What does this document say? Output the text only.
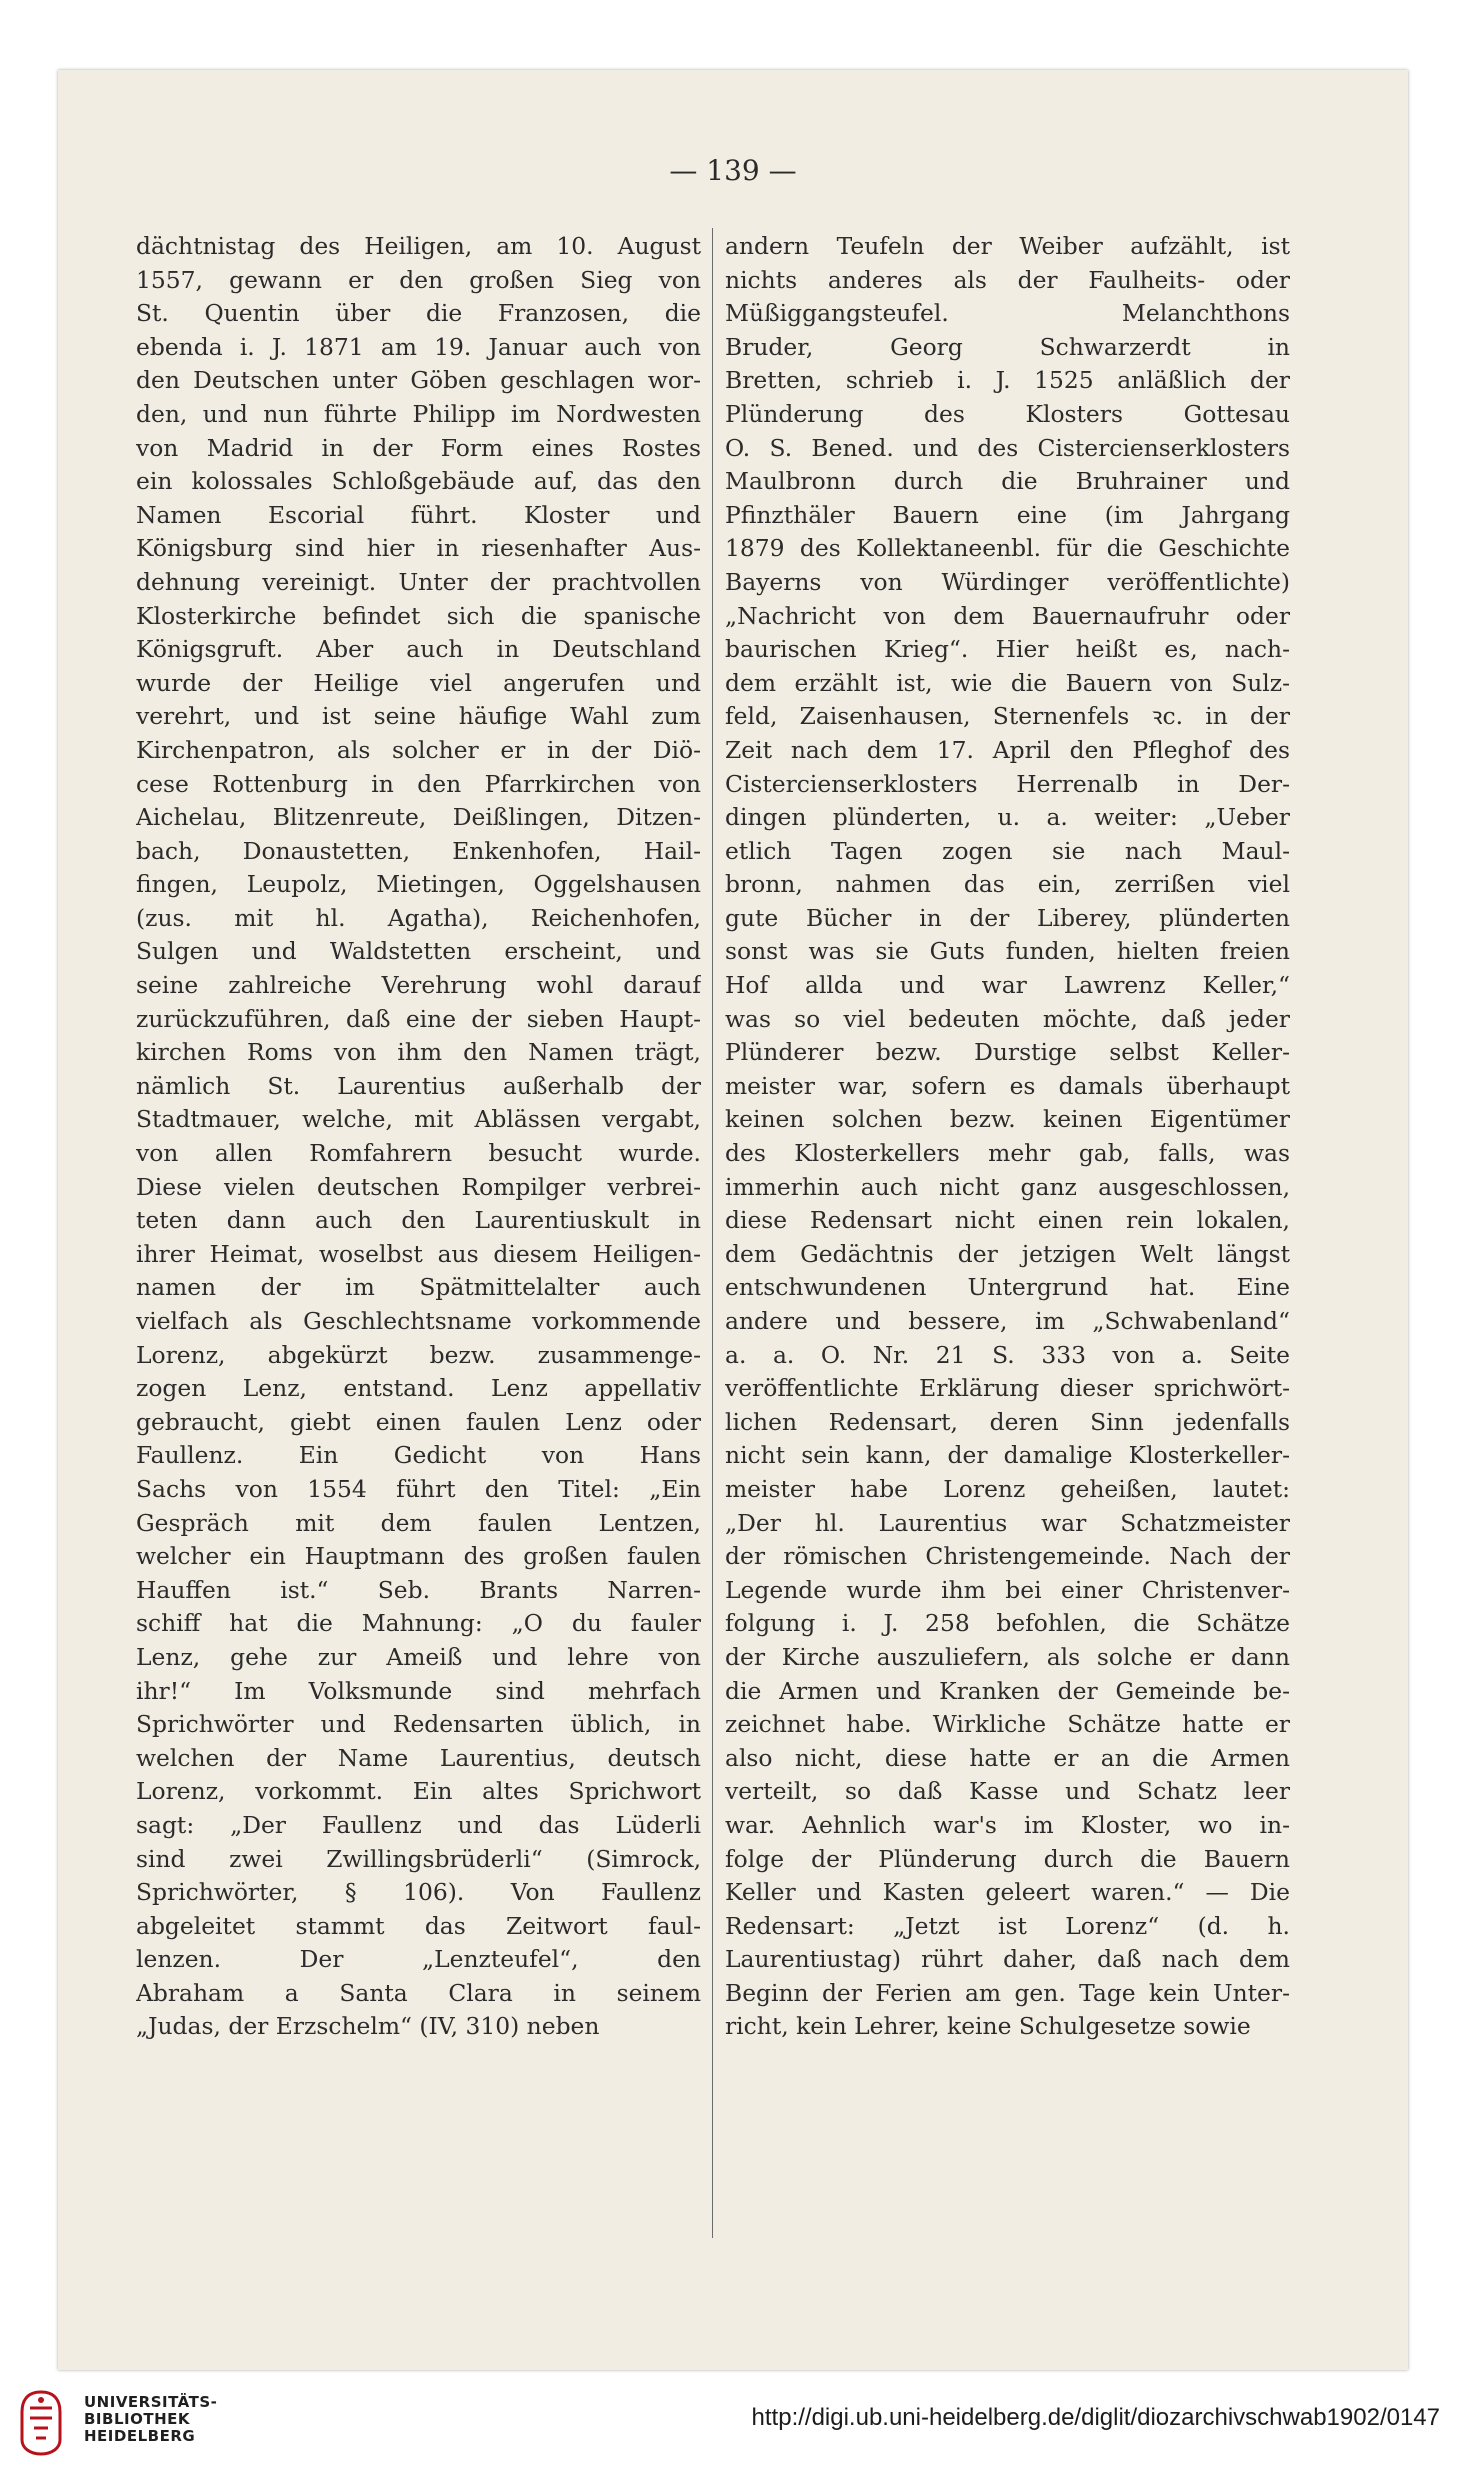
— 139 —
dächtnistag des Heiligen, am 10. August
1557, gewann er den großen Sieg von
St. Quentin über die Franzosen, die
ebenda i. J. 1871 am 19. Januar auch von
den Deutschen unter Göben geschlagen wor-
den, und nun führte Philipp im Nordwesten
von Madrid in der Form eines Rostes
ein kolossales Schloßgebäude auf, das den
Namen Escorial führt. Kloster und
Königsburg sind hier in riesenhafter Aus-
dehnung vereinigt. Unter der prachtvollen
Klosterkirche befindet sich die spanische
Königsgruft. Aber auch in Deutschland
wurde der Heilige viel angerufen und
verehrt, und ist seine häufige Wahl zum
Kirchenpatron, als solcher er in der Diö-
cese Rottenburg in den Pfarrkirchen von
Aichelau, Blitzenreute, Deißlingen, Ditzen-
bach, Donaustetten, Enkenhofen, Hail-
fingen, Leupolz, Mietingen, Oggelshausen
(zus. mit hl. Agatha), Reichenhofen,
Sulgen und Waldstetten erscheint, und
seine zahlreiche Verehrung wohl darauf
zurückzuführen, daß eine der sieben Haupt-
kirchen Roms von ihm den Namen trägt,
nämlich St. Laurentius außerhalb der
Stadtmauer, welche, mit Ablässen vergabt,
von allen Romfahrern besucht wurde.
Diese vielen deutschen Rompilger verbrei-
teten dann auch den Laurentiuskult in
ihrer Heimat, woselbst aus diesem Heiligen-
namen der im Spätmittelalter auch
vielfach als Geschlechtsname vorkommende
Lorenz, abgekürzt bezw. zusammenge-
zogen Lenz, entstand. Lenz appellativ
gebraucht, giebt einen faulen Lenz oder
Faullenz. Ein Gedicht von Hans
Sachs von 1554 führt den Titel: „Ein
Gespräch mit dem faulen Lentzen,
welcher ein Hauptmann des großen faulen
Hauffen ist.“ Seb. Brants Narren-
schiff hat die Mahnung: „O du fauler
Lenz, gehe zur Ameiß und lehre von
ihr!“ Im Volksmunde sind mehrfach
Sprichwörter und Redensarten üblich, in
welchen der Name Laurentius, deutsch
Lorenz, vorkommt. Ein altes Sprichwort
sagt: „Der Faullenz und das Lüderli
sind zwei Zwillingsbrüderli“ (Simrock,
Sprichwörter, § 106). Von Faullenz
abgeleitet stammt das Zeitwort faul-
lenzen. Der „Lenzteufel“, den
Abraham a Santa Clara in seinem
„Judas, der Erzschelm“ (IV, 310) neben
andern Teufeln der Weiber aufzählt, ist
nichts anderes als der Faulheits- oder
Müßiggangsteufel. Melanchthons
Bruder, Georg Schwarzerdt in
Bretten, schrieb i. J. 1525 anläßlich der
Plünderung des Klosters Gottesau
O. S. Bened. und des Cistercienserklosters
Maulbronn durch die Bruhrainer und
Pfinzthäler Bauern eine (im Jahrgang
1879 des Kollektaneenbl. für die Geschichte
Bayerns von Würdinger veröffentlichte)
„Nachricht von dem Bauernaufruhr oder
baurischen Krieg“. Hier heißt es, nach-
dem erzählt ist, wie die Bauern von Sulz-
feld, Zaisenhausen, Sternenfels ꝛc. in der
Zeit nach dem 17. April den Pfleghof des
Cistercienserklosters Herrenalb in Der-
dingen plünderten, u. a. weiter: „Ueber
etlich Tagen zogen sie nach Maul-
bronn, nahmen das ein, zerrißen viel
gute Bücher in der Liberey, plünderten
sonst was sie Guts funden, hielten freien
Hof allda und war Lawrenz Keller,“
was so viel bedeuten möchte, daß jeder
Plünderer bezw. Durstige selbst Keller-
meister war, sofern es damals überhaupt
keinen solchen bezw. keinen Eigentümer
des Klosterkellers mehr gab, falls, was
immerhin auch nicht ganz ausgeschlossen,
diese Redensart nicht einen rein lokalen,
dem Gedächtnis der jetzigen Welt längst
entschwundenen Untergrund hat. Eine
andere und bessere, im „Schwabenland“
a. a. O. Nr. 21 S. 333 von a. Seite
veröffentlichte Erklärung dieser sprichwört-
lichen Redensart, deren Sinn jedenfalls
nicht sein kann, der damalige Klosterkeller-
meister habe Lorenz geheißen, lautet:
„Der hl. Laurentius war Schatzmeister
der römischen Christengemeinde. Nach der
Legende wurde ihm bei einer Christenver-
folgung i. J. 258 befohlen, die Schätze
der Kirche auszuliefern, als solche er dann
die Armen und Kranken der Gemeinde be-
zeichnet habe. Wirkliche Schätze hatte er
also nicht, diese hatte er an die Armen
verteilt, so daß Kasse und Schatz leer
war. Aehnlich war's im Kloster, wo in-
folge der Plünderung durch die Bauern
Keller und Kasten geleert waren.“ — Die
Redensart: „Jetzt ist Lorenz“ (d. h.
Laurentiustag) rührt daher, daß nach dem
Beginn der Ferien am gen. Tage kein Unter-
richt, kein Lehrer, keine Schulgesetze sowie
UNIVERSITÄTS-
BIBLIOTHEK
HEIDELBERG
http://digi.ub.uni-heidelberg.de/diglit/diozarchivschwab1902/0147
